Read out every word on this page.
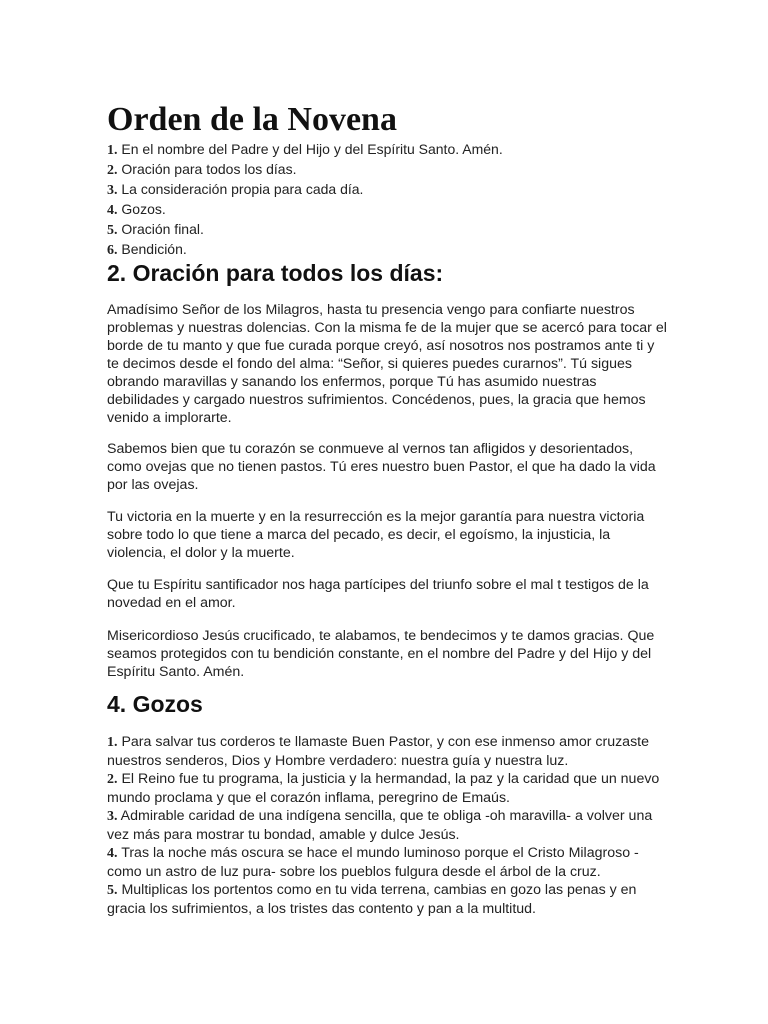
Orden de la Novena
1. En el nombre del Padre y del Hijo y del Espíritu Santo. Amén.
2. Oración para todos los días.
3. La consideración propia para cada día.
4. Gozos.
5. Oración final.
6. Bendición.
2. Oración para todos los días:

Amadísimo Señor de los Milagros, hasta tu presencia vengo para confiarte nuestros problemas y nuestras dolencias. Con la misma fe de la mujer que se acercó para tocar el borde de tu manto y que fue curada porque creyó, así nosotros nos postramos ante ti y te decimos desde el fondo del alma: “Señor, si quieres puedes curarnos”. Tú sigues obrando maravillas y sanando los enfermos, porque Tú has asumido nuestras debilidades y cargado nuestros sufrimientos. Concédenos, pues, la gracia que hemos venido a implorarte.

Sabemos bien que tu corazón se conmueve al vernos tan afligidos y desorientados, como ovejas que no tienen pastos. Tú eres nuestro buen Pastor, el que ha dado la vida por las ovejas.

Tu victoria en la muerte y en la resurrección es la mejor garantía para nuestra victoria sobre todo lo que tiene a marca del pecado, es decir, el egoísmo, la injusticia, la violencia, el dolor y la muerte.

Que tu Espíritu santificador nos haga partícipes del triunfo sobre el mal t testigos de la novedad en el amor.

Misericordioso Jesús crucificado, te alabamos, te bendecimos y te damos gracias. Que seamos protegidos con tu bendición constante, en el nombre del Padre y del Hijo y del Espíritu Santo. Amén.

4. Gozos

1. Para salvar tus corderos te llamaste Buen Pastor, y con ese inmenso amor cruzaste nuestros senderos, Dios y Hombre verdadero: nuestra guía y nuestra luz.

2. El Reino fue tu programa, la justicia y la hermandad, la paz y la caridad que un nuevo mundo proclama y que el corazón inflama, peregrino de Emaús.

3. Admirable caridad de una indígena sencilla, que te obliga -oh maravilla- a volver una vez más para mostrar tu bondad, amable y dulce Jesús.

4. Tras la noche más oscura se hace el mundo luminoso porque el Cristo Milagroso -como un astro de luz pura- sobre los pueblos fulgura desde el árbol de la cruz.

5. Multiplicas los portentos como en tu vida terrena, cambias en gozo las penas y en gracia los sufrimientos, a los tristes das contento y pan a la multitud.
